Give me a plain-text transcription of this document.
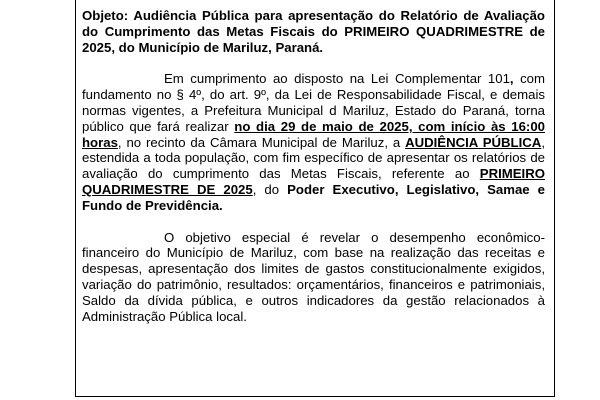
Objeto: Audiência Pública para apresentação do Relatório de Avaliação do Cumprimento das Metas Fiscais do PRIMEIRO QUADRIMESTRE de 2025, do Município de Mariluz, Paraná.

Em cumprimento ao disposto na Lei Complementar 101, com fundamento no § 4º, do art. 9º, da Lei de Responsabilidade Fiscal, e demais normas vigentes, a Prefeitura Municipal d Mariluz, Estado do Paraná, torna público que fará realizar no dia 29 de maio de 2025, com início às 16:00 horas, no recinto da Câmara Municipal de Mariluz, a AUDIÊNCIA PÚBLICA, estendida a toda população, com fim específico de apresentar os relatórios de avaliação do cumprimento das Metas Fiscais, referente ao PRIMEIRO QUADRIMESTRE DE 2025, do Poder Executivo, Legislativo, Samae e Fundo de Previdência.

O objetivo especial é revelar o desempenho econômico-financeiro do Município de Mariluz, com base na realização das receitas e despesas, apresentação dos limites de gastos constitucionalmente exigidos, variação do patrimônio, resultados: orçamentários, financeiros e patrimoniais, Saldo da dívida pública, e outros indicadores da gestão relacionados à Administração Pública local.
